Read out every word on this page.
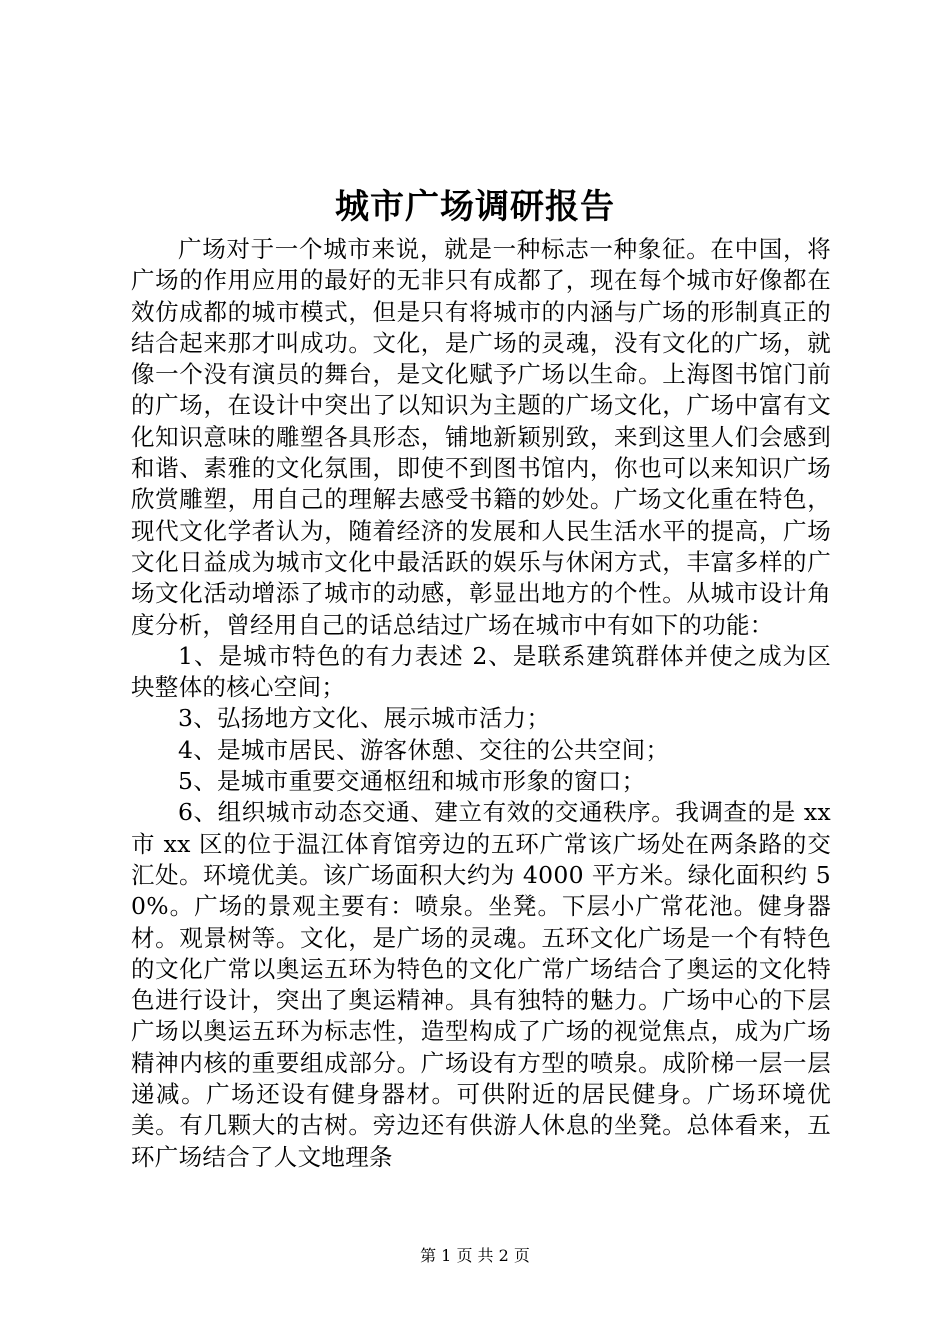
城市广场调研报告

广场对于一个城市来说，就是一种标志一种象征。在中国，将广场的作用应用的最好的无非只有成都了，现在每个城市好像都在效仿成都的城市模式，但是只有将城市的内涵与广场的形制真正的结合起来那才叫成功。文化，是广场的灵魂，没有文化的广场，就像一个没有演员的舞台，是文化赋予广场以生命。上海图书馆门前的广场，在设计中突出了以知识为主题的广场文化，广场中富有文化知识意味的雕塑各具形态，铺地新颖别致，来到这里人们会感到和谐、素雅的文化氛围，即使不到图书馆内，你也可以来知识广场欣赏雕塑，用自己的理解去感受书籍的妙处。广场文化重在特色，现代文化学者认为，随着经济的发展和人民生活水平的提高，广场文化日益成为城市文化中最活跃的娱乐与休闲方式，丰富多样的广场文化活动增添了城市的动感，彰显出地方的个性。从城市设计角度分析，曾经用自己的话总结过广场在城市中有如下的功能：

1、是城市特色的有力表述 2、是联系建筑群体并使之成为区块整体的核心空间；

3、弘扬地方文化、展示城市活力；

4、是城市居民、游客休憩、交往的公共空间；

5、是城市重要交通枢纽和城市形象的窗口；

6、组织城市动态交通、建立有效的交通秩序。我调查的是 xx 市 xx 区的位于温江体育馆旁边的五环广常该广场处在两条路的交汇处。环境优美。该广场面积大约为 4000 平方米。绿化面积约 50%。广场的景观主要有：喷泉。坐凳。下层小广常花池。健身器材。观景树等。文化，是广场的灵魂。五环文化广场是一个有特色的文化广常以奥运五环为特色的文化广常广场结合了奥运的文化特色进行设计，突出了奥运精神。具有独特的魅力。广场中心的下层广场以奥运五环为标志性，造型构成了广场的视觉焦点，成为广场精神内核的重要组成部分。广场设有方型的喷泉。成阶梯一层一层递减。广场还设有健身器材。可供附近的居民健身。广场环境优美。有几颗大的古树。旁边还有供游人休息的坐凳。总体看来，五环广场结合了人文地理条

第 1 页 共 2 页
